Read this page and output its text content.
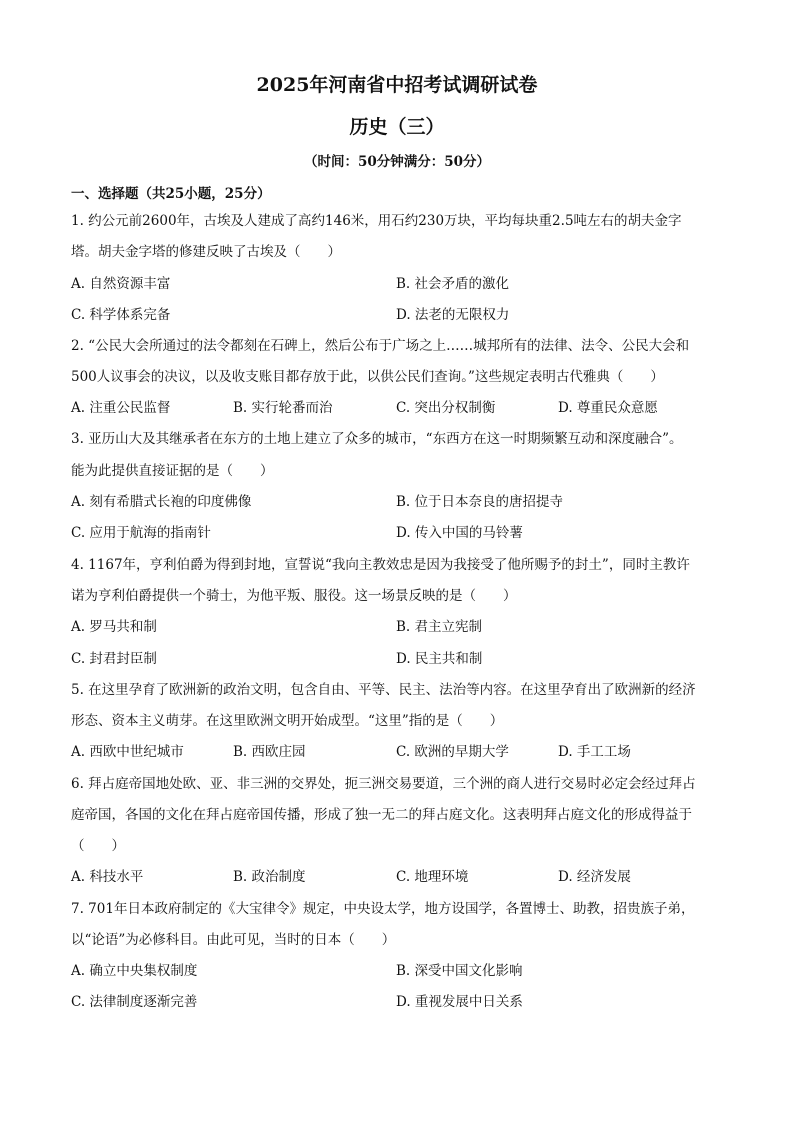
2025年河南省中招考试调研试卷
历史（三）
（时间：50分钟满分：50分）
一、选择题（共25小题，25分）
1. 约公元前2600年，古埃及人建成了高约146米，用石约230万块，平均每块重2.5吨左右的胡夫金字
塔。胡夫金字塔的修建反映了古埃及（　　）
A. 自然资源丰富	B. 社会矛盾的激化
C. 科学体系完备	D. 法老的无限权力
2. “公民大会所通过的法令都刻在石碑上，然后公布于广场之上……城邦所有的法律、法令、公民大会和
500人议事会的决议，以及收支账目都存放于此，以供公民们查询。”这些规定表明古代雅典（　　）
A. 注重公民监督	B. 实行轮番而治	C. 突出分权制衡	D. 尊重民众意愿
3. 亚历山大及其继承者在东方的土地上建立了众多的城市，“东西方在这一时期频繁互动和深度融合”。
能为此提供直接证据的是（　　）
A. 刻有希腊式长袍的印度佛像	B. 位于日本奈良的唐招提寺
C. 应用于航海的指南针	D. 传入中国的马铃薯
4. 1167年，亨利伯爵为得到封地，宣誓说“我向主教效忠是因为我接受了他所赐予的封土”，同时主教许
诺为亨利伯爵提供一个骑士，为他平叛、服役。这一场景反映的是（　　）
A. 罗马共和制	B. 君主立宪制
C. 封君封臣制	D. 民主共和制
5. 在这里孕育了欧洲新的政治文明，包含自由、平等、民主、法治等内容。在这里孕育出了欧洲新的经济
形态、资本主义萌芽。在这里欧洲文明开始成型。“这里”指的是（　　）
A. 西欧中世纪城市	B. 西欧庄园	C. 欧洲的早期大学	D. 手工工场
6. 拜占庭帝国地处欧、亚、非三洲的交界处，扼三洲交易要道，三个洲的商人进行交易时必定会经过拜占
庭帝国，各国的文化在拜占庭帝国传播，形成了独一无二的拜占庭文化。这表明拜占庭文化的形成得益于
（　　）
A. 科技水平	B. 政治制度	C. 地理环境	D. 经济发展
7. 701年日本政府制定的《大宝律令》规定，中央设太学，地方设国学，各置博士、助教，招贵族子弟，
以“论语”为必修科目。由此可见，当时的日本（　　）
A. 确立中央集权制度	B. 深受中国文化影响
C. 法律制度逐渐完善	D. 重视发展中日关系
